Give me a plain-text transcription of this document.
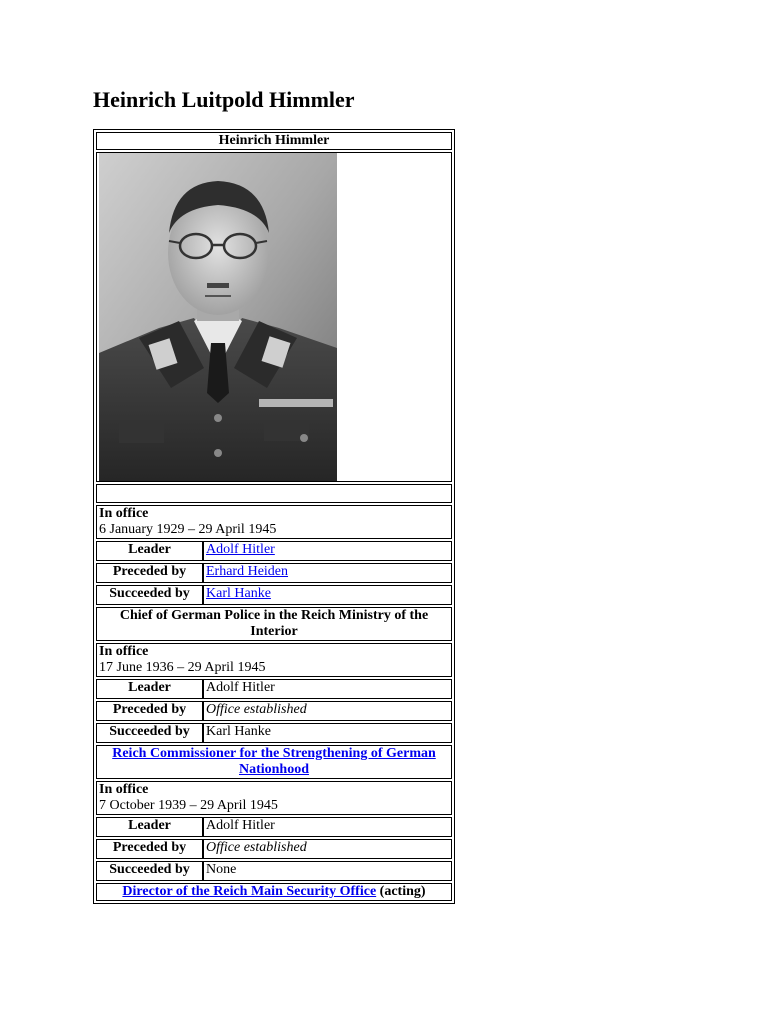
Heinrich Luitpold Himmler
Heinrich Himmler

In office
6 January 1929 – 29 April 1945

Leader	Adolf Hitler

Preceded by	Erhard Heiden

Succeeded by	Karl Hanke

Chief of German Police in the Reich Ministry of the Interior
In office
17 June 1936 – 29 April 1945

Leader	Adolf Hitler

Preceded by	Office established

Succeeded by	Karl Hanke

Reich Commissioner for the Strengthening of German Nationhood
In office
7 October 1939 – 29 April 1945

Leader	Adolf Hitler

Preceded by	Office established

Succeeded by	None

Director of the Reich Main Security Office (acting)
